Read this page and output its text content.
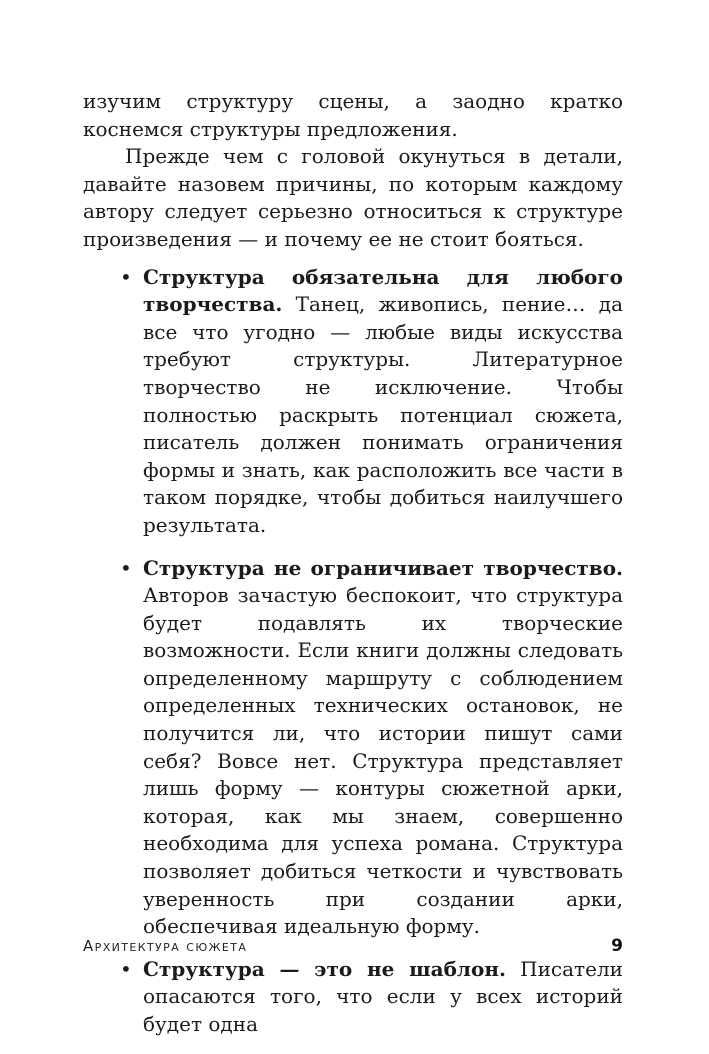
изучим структуру сцены, а заодно кратко коснемся структуры предложения.

Прежде чем с головой окунуться в детали, давайте назовем причины, по которым каждому автору следует серьезно относиться к структуре произведения — и почему ее не стоит бояться.

• Структура обязательна для любого творчества. Танец, живопись, пение… да все что угодно — любые виды искусства требуют структуры. Литературное творчество не исключение. Чтобы полностью раскрыть потенциал сюжета, писатель должен понимать ограничения формы и знать, как расположить все части в таком порядке, чтобы добиться наилучшего результата.
• Структура не ограничивает творчество. Авторов зачастую беспокоит, что структура будет подавлять их творческие возможности. Если книги должны следовать определенному маршруту с соблюдением определенных технических остановок, не получится ли, что истории пишут сами себя? Вовсе нет. Структура представляет лишь форму — контуры сюжетной арки, которая, как мы знаем, совершенно необходима для успеха романа. Структура позволяет добиться четкости и чувствовать уверенность при создании арки, обеспечивая идеальную форму.
• Структура — это не шаблон. Писатели опасаются того, что если у всех историй будет одна
Архитектура сюжета	9
